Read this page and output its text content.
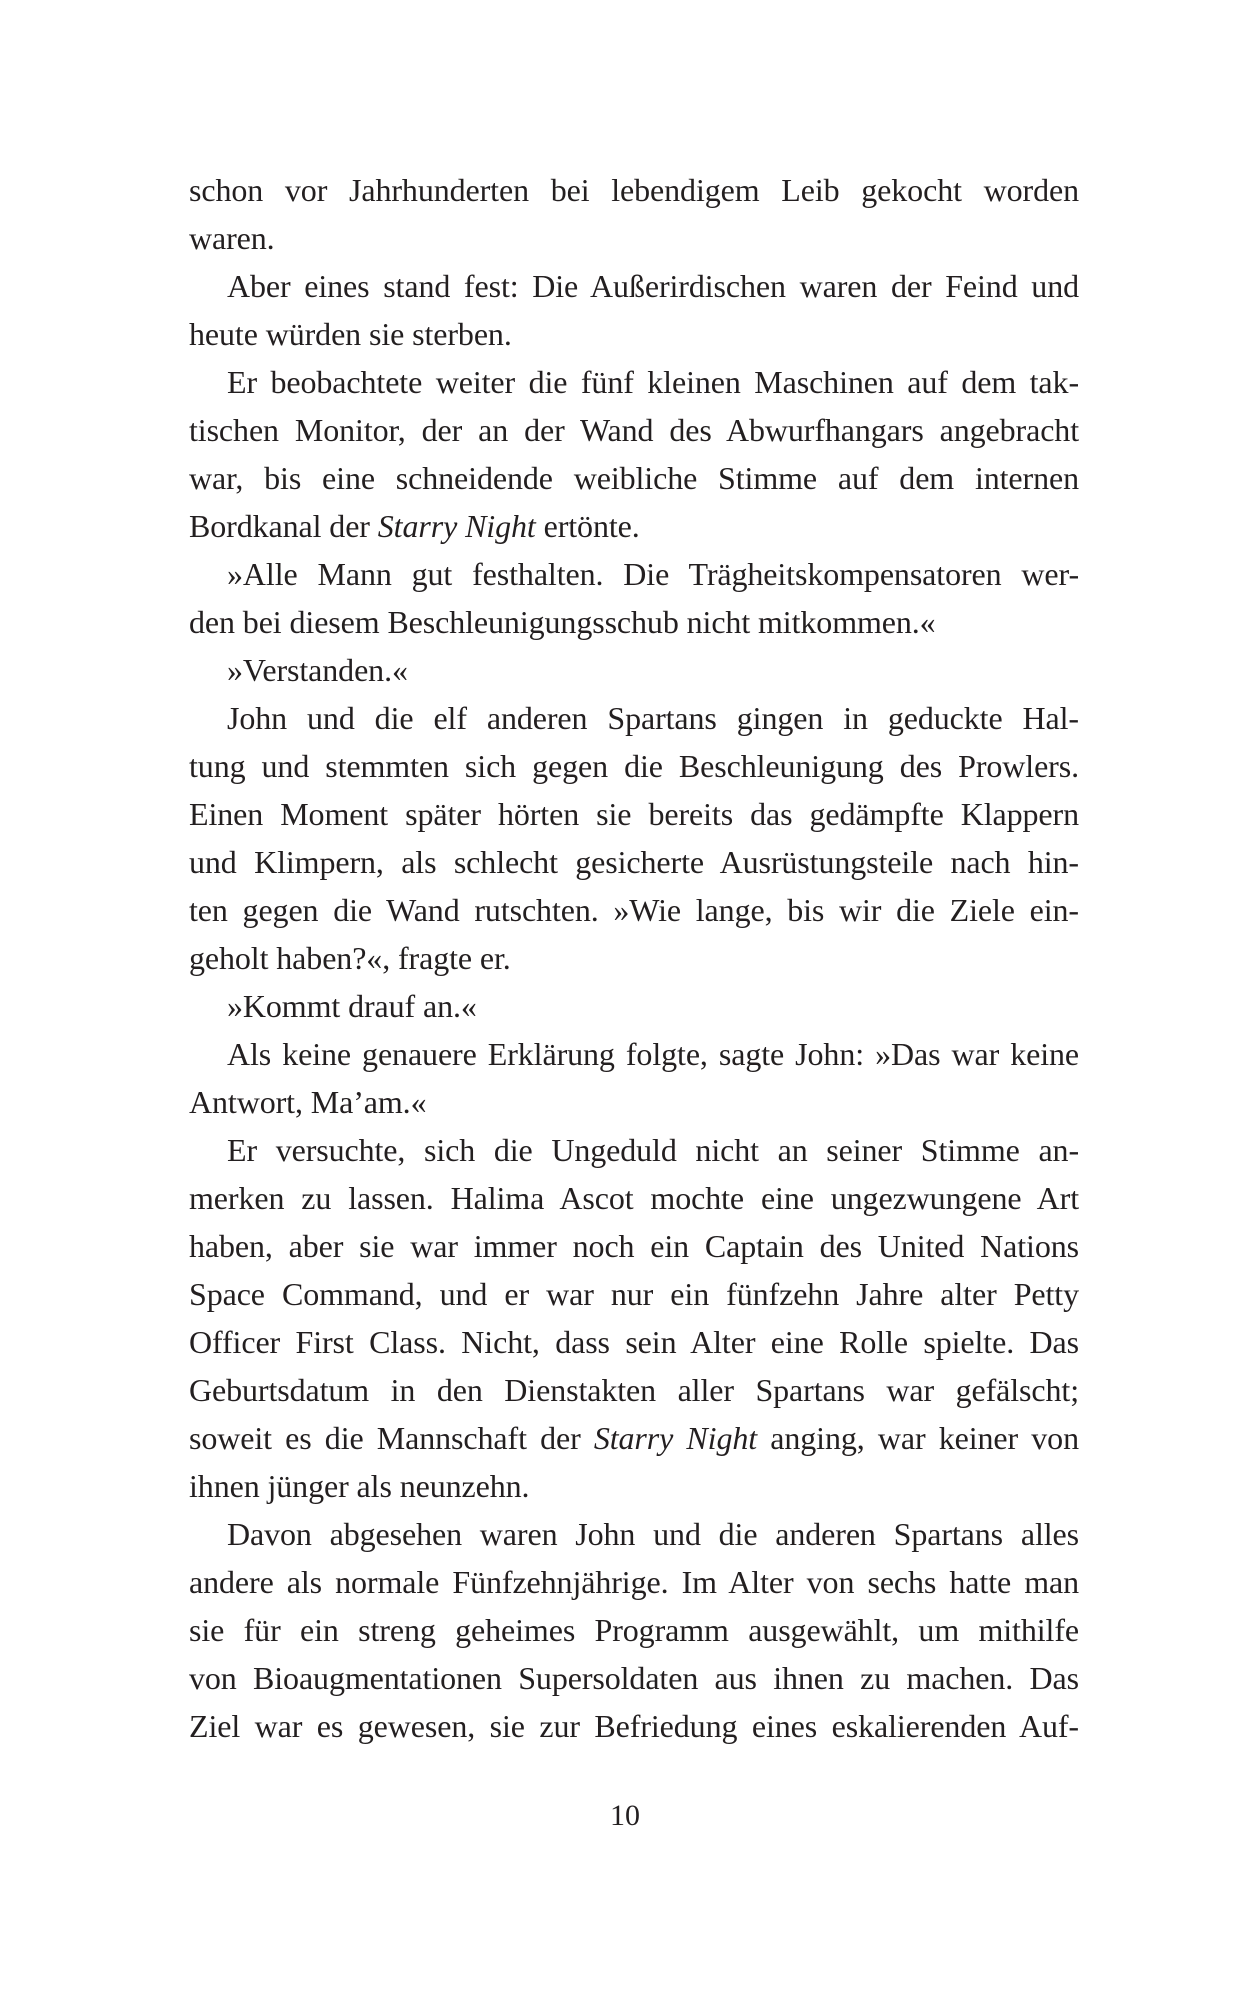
schon vor Jahrhunderten bei lebendigem Leib gekocht worden
waren.
Aber eines stand fest: Die Außerirdischen waren der Feind und
heute würden sie sterben.
Er beobachtete weiter die fünf kleinen Maschinen auf dem tak-
tischen Monitor, der an der Wand des Abwurfhangars angebracht
war, bis eine schneidende weibliche Stimme auf dem internen
Bordkanal der Starry Night ertönte.
»Alle Mann gut festhalten. Die Trägheitskompensatoren wer-
den bei diesem Beschleunigungsschub nicht mitkommen.«
»Verstanden.«
John und die elf anderen Spartans gingen in geduckte Hal-
tung und stemmten sich gegen die Beschleunigung des Prowlers.
Einen Moment später hörten sie bereits das gedämpfte Klappern
und Klimpern, als schlecht gesicherte Ausrüstungsteile nach hin-
ten gegen die Wand rutschten. »Wie lange, bis wir die Ziele ein-
geholt haben?«, fragte er.
»Kommt drauf an.«
Als keine genauere Erklärung folgte, sagte John: »Das war keine
Antwort, Ma’am.«
Er versuchte, sich die Ungeduld nicht an seiner Stimme an-
merken zu lassen. Halima Ascot mochte eine ungezwungene Art
haben, aber sie war immer noch ein Captain des United Nations
Space Command, und er war nur ein fünfzehn Jahre alter Petty
Officer First Class. Nicht, dass sein Alter eine Rolle spielte. Das
Geburtsdatum in den Dienstakten aller Spartans war gefälscht;
soweit es die Mannschaft der Starry Night anging, war keiner von
ihnen jünger als neunzehn.
Davon abgesehen waren John und die anderen Spartans alles
andere als normale Fünfzehnjährige. Im Alter von sechs hatte man
sie für ein streng geheimes Programm ausgewählt, um mithilfe
von Bioaugmentationen Supersoldaten aus ihnen zu machen. Das
Ziel war es gewesen, sie zur Befriedung eines eskalierenden Auf-
10
